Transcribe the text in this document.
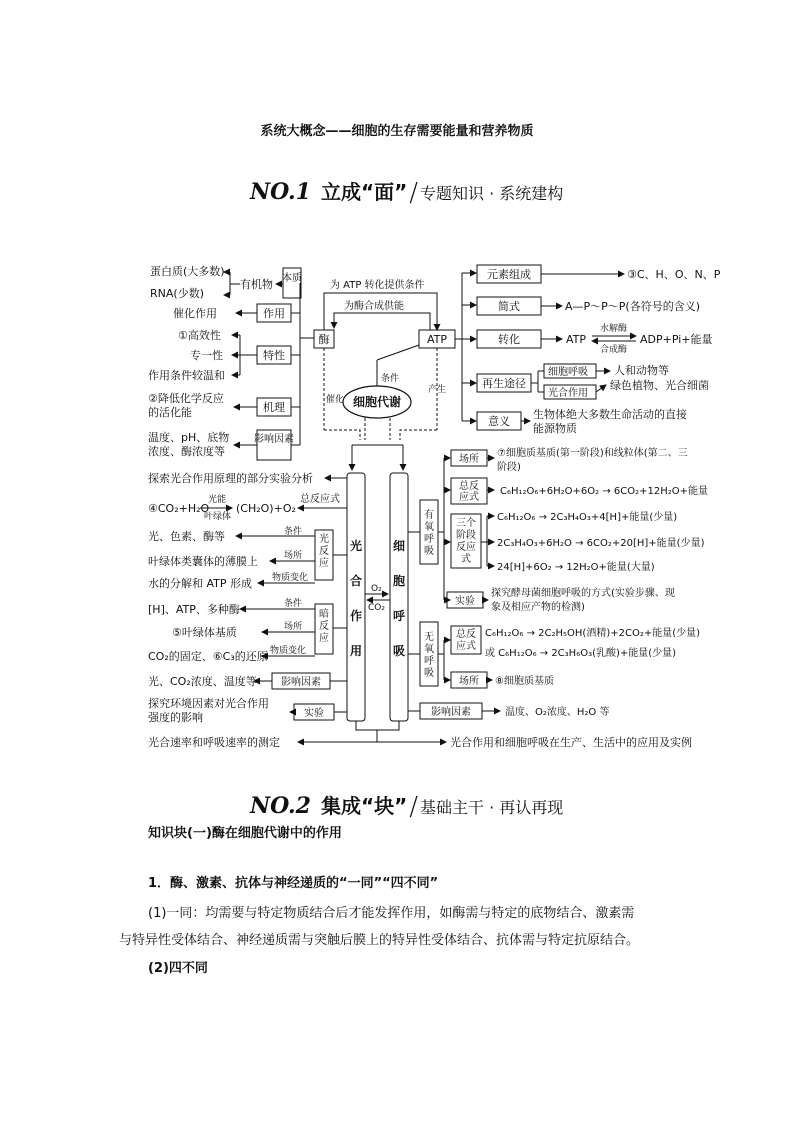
系统大概念——细胞的生存需要能量和营养物质
NO.1 立成“面”/ 专题知识 · 系统建构
本质
有机物
蛋白质(大多数)
RNA(少数)
作用
催化作用
特性
①高效性
专一性
作用条件较温和
机理
②降低化学反应
的活化能
影响因素
温度、pH、底物
浓度、酶浓度等
酶	ATP
为 ATP 转化提供条件
为酶合成供能
细胞代谢
条件
催化
产生
元素组成	③C、H、O、N、P
简式	A—P～P～P(各符号的含义)
转化	ATP
水解酶
合成酶
ADP+Pi+能量
再生途径
细胞呼吸
光合作用
人和动物等
绿色植物、光合细菌
意义
生物体绝大多数生命活动的直接
能源物质
光
合
作
用
细
胞
呼
吸
O₂
CO₂
探索光合作用原理的部分实验分析
④CO₂+H₂O
光能
叶绿体
(CH₂O)+O₂
总反应式
光反应
条件
场所
物质变化
光、色素、酶等
叶绿体类囊体的薄膜上
水的分解和 ATP 形成
暗反应
条件
场所
物质变化
[H]、ATP、多种酶
⑤叶绿体基质
CO₂的固定、⑥C₃的还原
影响因素
光、CO₂浓度、温度等
实验
探究环境因素对光合作用
强度的影响
有氧呼吸
场所
⑦细胞质基质(第一阶段)和线粒体(第二、三
阶段)
总反应式
C₆H₁₂O₆+6H₂O+6O₂ → 6CO₂+12H₂O+能量
三个阶段反应式
C₆H₁₂O₆ → 2C₃H₄O₃+4[H]+能量(少量)
2C₃H₄O₃+6H₂O → 6CO₂+20[H]+能量(少量)
24[H]+6O₂ → 12H₂O+能量(大量)
实验
探究酵母菌细胞呼吸的方式(实验步骤、现
象及相应产物的检测)
无氧呼吸
总反应式
C₆H₁₂O₆ → 2C₂H₅OH(酒精)+2CO₂+能量(少量)
或 C₆H₁₂O₆ → 2C₃H₆O₃(乳酸)+能量(少量)
场所 ⑧细胞质基质
影响因素	温度、O₂浓度、H₂O 等
光合速率和呼吸速率的测定	光合作用和细胞呼吸在生产、生活中的应用及实例
NO.2 集成“块”/ 基础主干 · 再认再现
知识块(一)酶在细胞代谢中的作用
1．酶、激素、抗体与神经递质的“一同”“四不同”
(1)一同：均需要与特定物质结合后才能发挥作用，如酶需与特定的底物结合、激素需
与特异性受体结合、神经递质需与突触后膜上的特异性受体结合、抗体需与特定抗原结合。
(2)四不同
